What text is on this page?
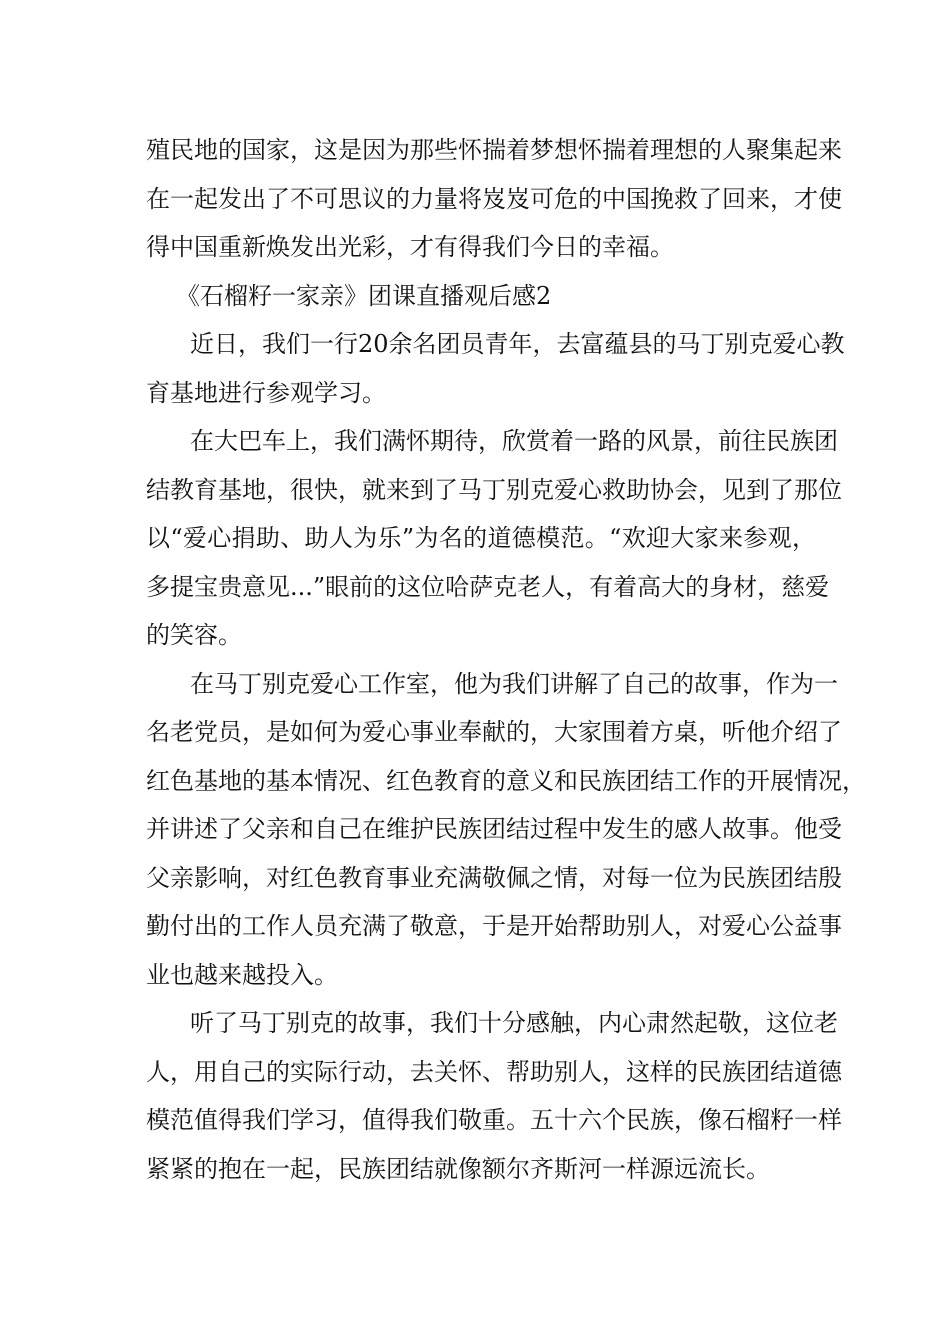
殖民地的国家，这是因为那些怀揣着梦想怀揣着理想的人聚集起来
在一起发出了不可思议的力量将岌岌可危的中国挽救了回来，才使
得中国重新焕发出光彩，才有得我们今日的幸福。
《石榴籽一家亲》团课直播观后感2
近日，我们一行20余名团员青年，去富蕴县的马丁别克爱心教
育基地进行参观学习。
在大巴车上，我们满怀期待，欣赏着一路的风景，前往民族团
结教育基地，很快，就来到了马丁别克爱心救助协会，见到了那位
以“爱心捐助、助人为乐”为名的道德模范。“欢迎大家来参观，
多提宝贵意见...”眼前的这位哈萨克老人，有着高大的身材，慈爱
的笑容。
在马丁别克爱心工作室，他为我们讲解了自己的故事，作为一
名老党员，是如何为爱心事业奉献的，大家围着方桌，听他介绍了
红色基地的基本情况、红色教育的意义和民族团结工作的开展情况，
并讲述了父亲和自己在维护民族团结过程中发生的感人故事。他受
父亲影响，对红色教育事业充满敬佩之情，对每一位为民族团结殷
勤付出的工作人员充满了敬意，于是开始帮助别人，对爱心公益事
业也越来越投入。
听了马丁别克的故事，我们十分感触，内心肃然起敬，这位老
人，用自己的实际行动，去关怀、帮助别人，这样的民族团结道德
模范值得我们学习，值得我们敬重。五十六个民族，像石榴籽一样
紧紧的抱在一起，民族团结就像额尔齐斯河一样源远流长。
